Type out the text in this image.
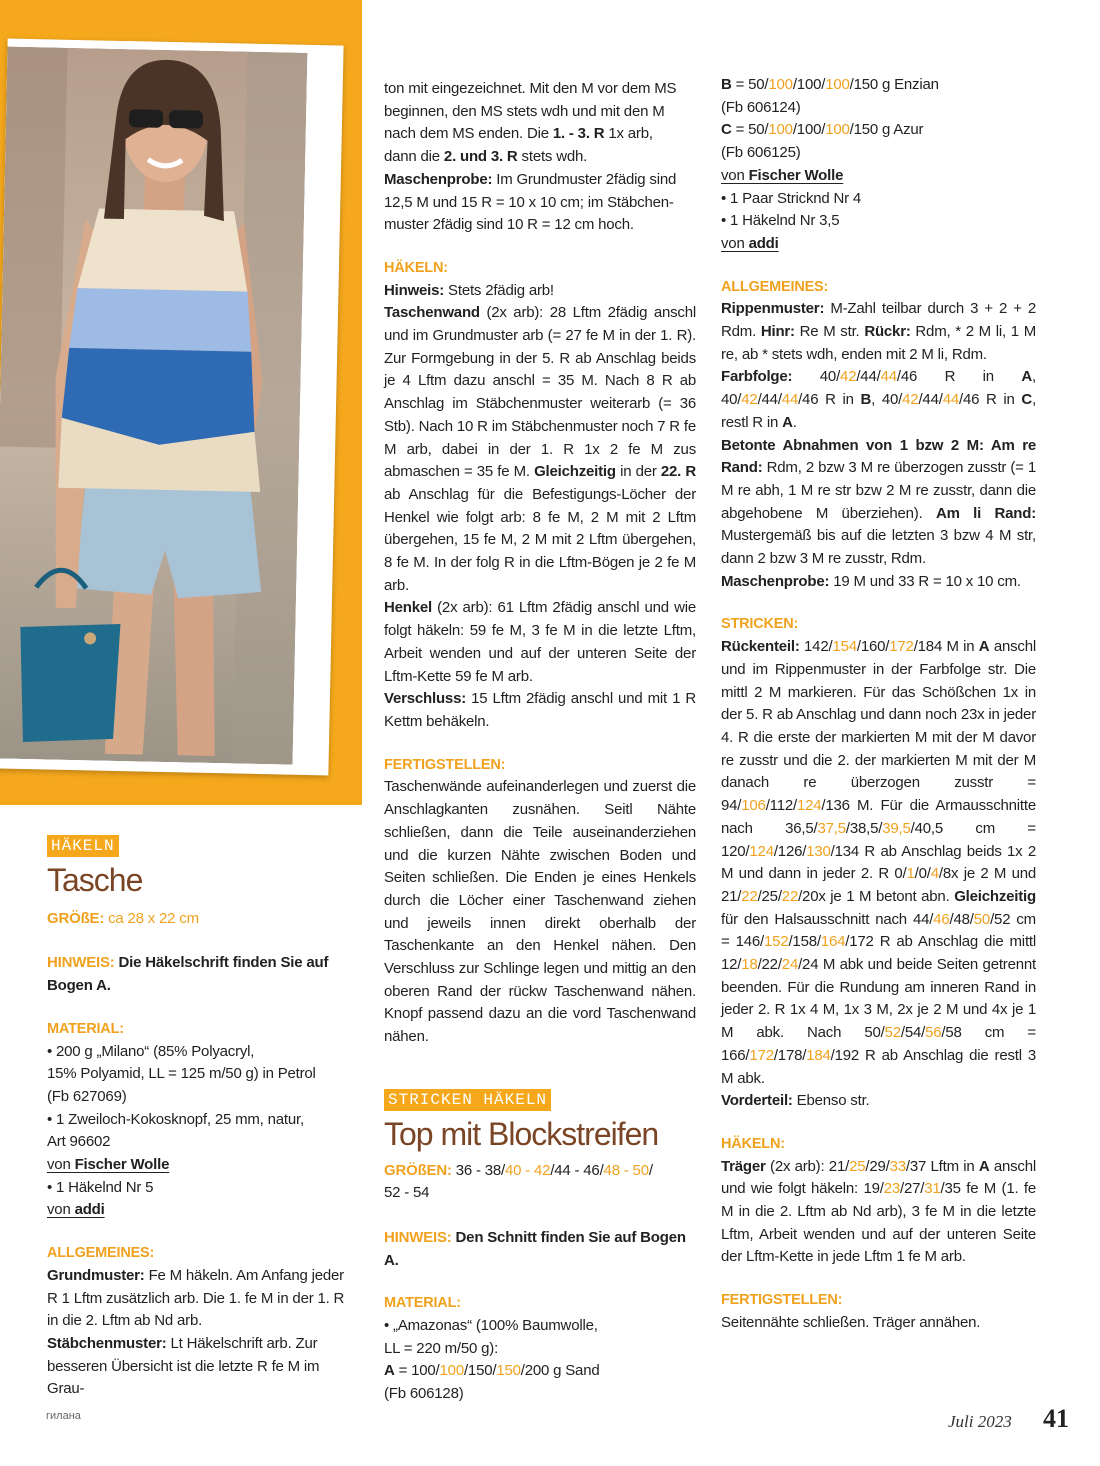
HÄKELN
Tasche
GRÖßE: ca 28 x 22 cm
HINWEIS: Die Häkelschrift finden Sie auf Bogen A.
MATERIAL:
• 200 g „Milano“ (85% Polyacryl,
15% Polyamid, LL = 125 m/50 g) in Petrol
(Fb 627069)
• 1 Zweiloch-Kokosknopf, 25 mm, natur,
Art 96602
von Fischer Wolle
• 1 Häkelnd Nr 5
von addi
ALLGEMEINES:
Grundmuster: Fe M häkeln. Am Anfang jeder R 1 Lftm zusätzlich arb. Die 1. fe M in der 1. R in die 2. Lftm ab Nd arb.
Stäbchenmuster: Lt Häkelschrift arb. Zur besseren Übersicht ist die letzte R fe M im Grau-
ton mit eingezeichnet. Mit den M vor dem MS
beginnen, den MS stets wdh und mit den M
nach dem MS enden. Die 1. - 3. R 1x arb,
dann die 2. und 3. R stets wdh.
Maschenprobe: Im Grundmuster 2fädig sind
12,5 M und 15 R = 10 x 10 cm; im Stäbchen-
muster 2fädig sind 10 R = 12 cm hoch.
HÄKELN:
Hinweis: Stets 2fädig arb!
Taschenwand (2x arb): 28 Lftm 2fädig anschl und im Grundmuster arb (= 27 fe M in der 1. R). Zur Formgebung in der 5. R ab Anschlag beids je 4 Lftm dazu anschl = 35 M. Nach 8 R ab Anschlag im Stäbchenmuster weiterarb (= 36 Stb). Nach 10 R im Stäbchenmuster noch 7 R fe M arb, dabei in der 1. R 1x 2 fe M zus abmaschen = 35 fe M. Gleichzeitig in der 22. R ab Anschlag für die Befestigungs-Löcher der Henkel wie folgt arb: 8 fe M, 2 M mit 2 Lftm übergehen, 15 fe M, 2 M mit 2 Lftm übergehen, 8 fe M. In der folg R in die Lftm-Bögen je 2 fe M arb.
Henkel (2x arb): 61 Lftm 2fädig anschl und wie folgt häkeln: 59 fe M, 3 fe M in die letzte Lftm, Arbeit wenden und auf der unteren Seite der Lftm-Kette 59 fe M arb.
Verschluss: 15 Lftm 2fädig anschl und mit 1 R Kettm behäkeln.
FERTIGSTELLEN:
Taschenwände aufeinanderlegen und zuerst die Anschlagkanten zusnähen. Seitl Nähte schließen, dann die Teile auseinanderziehen und die kurzen Nähte zwischen Boden und Seiten schließen. Die Enden je eines Henkels durch die Löcher einer Taschenwand ziehen und jeweils innen direkt oberhalb der Taschenkante an den Henkel nähen. Den Verschluss zur Schlinge legen und mittig an den oberen Rand der rückw Taschenwand nähen. Knopf passend dazu an die vord Taschenwand nähen.
STRICKEN HÄKELN
Top mit Blockstreifen
GRÖßEN: 36 - 38/40 - 42/44 - 46/48 - 50/
52 - 54
HINWEIS: Den Schnitt finden Sie auf Bogen A.
MATERIAL:
• „Amazonas“ (100% Baumwolle,
LL = 220 m/50 g):
A = 100/100/150/150/200 g Sand
(Fb 606128)
B = 50/100/100/100/150 g Enzian
(Fb 606124)
C = 50/100/100/100/150 g Azur
(Fb 606125)
von Fischer Wolle
• 1 Paar Stricknd Nr 4
• 1 Häkelnd Nr 3,5
von addi
ALLGEMEINES:
Rippenmuster: M-Zahl teilbar durch 3 + 2 + 2 Rdm. Hinr: Re M str. Rückr: Rdm, * 2 M li, 1 M re, ab * stets wdh, enden mit 2 M li, Rdm.
Farbfolge: 40/42/44/44/46 R in A, 40/42/44/44/46 R in B, 40/42/44/44/46 R in C, restl R in A.
Betonte Abnahmen von 1 bzw 2 M: Am re Rand: Rdm, 2 bzw 3 M re überzogen zusstr (= 1 M re abh, 1 M re str bzw 2 M re zusstr, dann die abgehobene M überziehen). Am li Rand: Mustergemäß bis auf die letzten 3 bzw 4 M str, dann 2 bzw 3 M re zusstr, Rdm.
Maschenprobe: 19 M und 33 R = 10 x 10 cm.
STRICKEN:
Rückenteil: 142/154/160/172/184 M in A anschl und im Rippenmuster in der Farbfolge str. Die mittl 2 M markieren. Für das Schößchen 1x in der 5. R ab Anschlag und dann noch 23x in jeder 4. R die erste der markierten M mit der M davor re zusstr und die 2. der markierten M mit der M danach re überzogen zusstr = 94/106/112/124/136 M. Für die Armausschnitte nach 36,5/37,5/38,5/39,5/40,5 cm = 120/124/126/130/134 R ab Anschlag beids 1x 2 M und dann in jeder 2. R 0/1/0/4/8x je 2 M und 21/22/25/22/20x je 1 M betont abn. Gleichzeitig für den Halsausschnitt nach 44/46/48/50/52 cm = 146/152/158/164/172 R ab Anschlag die mittl 12/18/22/24/24 M abk und beide Seiten getrennt beenden. Für die Rundung am inneren Rand in jeder 2. R 1x 4 M, 1x 3 M, 2x je 2 M und 4x je 1 M abk. Nach 50/52/54/56/58 cm = 166/172/178/184/192 R ab Anschlag die restl 3 M abk.
Vorderteil: Ebenso str.
HÄKELN:
Träger (2x arb): 21/25/29/33/37 Lftm in A anschl und wie folgt häkeln: 19/23/27/31/35 fe M (1. fe M in die 2. Lftm ab Nd arb), 3 fe M in die letzte Lftm, Arbeit wenden und auf der unteren Seite der Lftm-Kette in jede Lftm 1 fe M arb.
FERTIGSTELLEN:
Seitennähte schließen. Träger annähen.
гилана	Juli 2023 41
